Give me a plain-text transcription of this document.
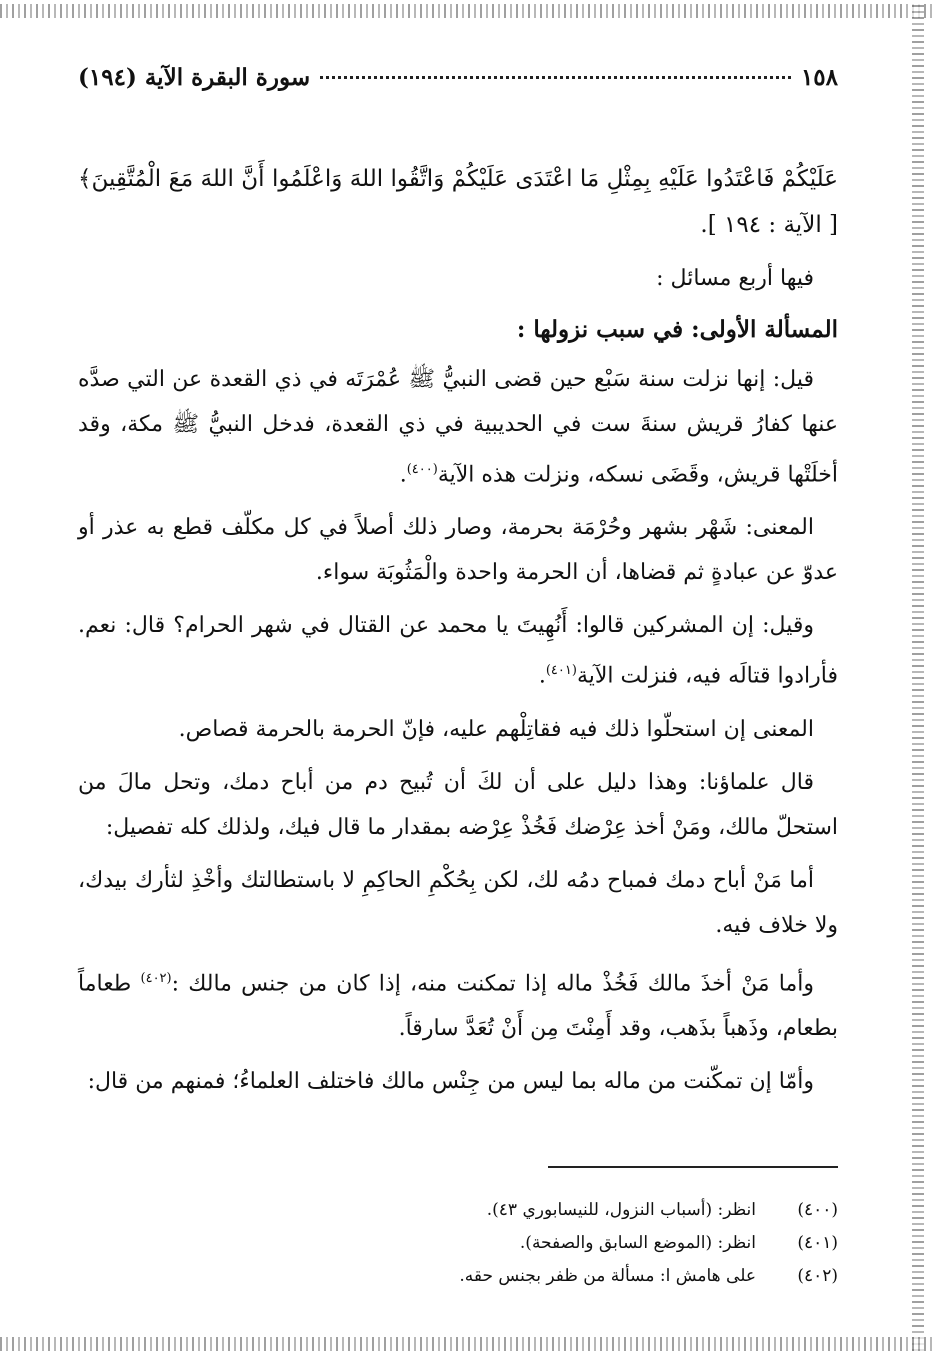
١٥٨
سورة البقرة الآية (١٩٤)
عَلَيْكُمْ فَاعْتَدُوا عَلَيْهِ بِمِثْلِ مَا اعْتَدَى عَلَيْكُمْ وَاتَّقُوا اللهَ وَاعْلَمُوا أَنَّ اللهَ مَعَ الْمُتَّقِينَ﴾ [ الآية : ١٩٤ ].
فيها أربع مسائل :
المسألة الأولى: في سبب نزولها :
قيل: إنها نزلت سنة سَبْع حين قضى النبيُّ ﷺ عُمْرَتَه في ذي القعدة عن التي صدَّه عنها كفارُ قريش سنةَ ست في الحديبية في ذي القعدة، فدخل النبيُّ ﷺ مكة، وقد أخلَتْها قريش، وقَضَى نسكه، ونزلت هذه الآية$^{(٤٠٠)}$.
المعنى: شَهْر بشهر وحُرْمَة بحرمة، وصار ذلك أصلاً في كل مكلّف قطع به عذر أو عدوّ عن عبادةٍ ثم قضاها، أن الحرمة واحدة والْمَثُوبَة سواء.
وقيل: إن المشركين قالوا: أَنُهِيتَ يا محمد عن القتال في شهر الحرام؟ قال: نعم. فأرادوا قتالَه فيه، فنزلت الآية$^{(٤٠١)}$.
المعنى إن استحلّوا ذلك فيه فقاتِلْهم عليه، فإنّ الحرمة بالحرمة قصاص.
قال علماؤنا: وهذا دليل على أن لكَ أن تُبيح دم من أباح دمك، وتحل مالَ من استحلّ مالك، ومَنْ أخذ عِرْضك فَخُذْ عِرْضه بمقدار ما قال فيك، ولذلك كله تفصيل:
أما مَنْ أباح دمك فمباح دمُه لك، لكن بِحُكْمِ الحاكِمِ لا باستطالتك وأخْذِ لثأرك بيدك، ولا خلاف فيه.
وأما مَنْ أخذَ مالك فَخُذْ ماله إذا تمكنت منه، إذا كان من جنس مالك :$^{(٤٠٢)}$ طعاماً بطعام، وذَهباً بذَهب، وقد أَمِنْتَ مِن أَنْ تُعَدَّ سارقاً.
وأمّا إن تمكّنت من ماله بما ليس من جِنْس مالك فاختلف العلماءُ؛ فمنهم من قال:
(٤٠٠)
انظر: (أسباب النزول، للنيسابوري ٤٣).
(٤٠١)
انظر: (الموضع السابق والصفحة).
(٤٠٢)
على هامش ا: مسألة من ظفر بجنس حقه.
